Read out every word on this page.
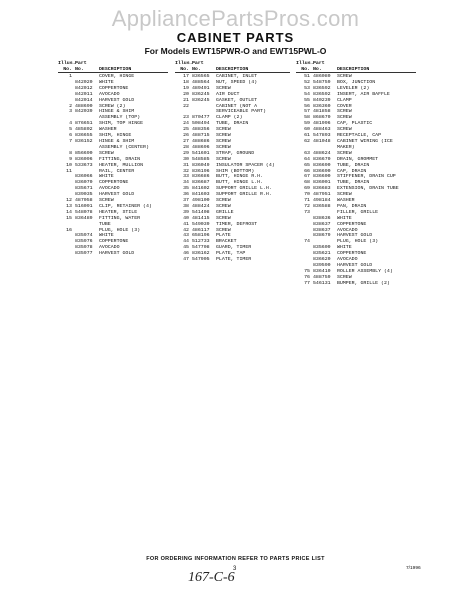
AppliancePartsPros.com
CABINET PARTS
For Models EWT15PWR-O and EWT15PWL-O
Illus.
No.
Part
No.	DESCRIPTION
1	COVER, HINGE
842020	WHITE
842012	COPPERTONE
842011	AVOCADO
842014	HARVEST GOLD
2 488690	SCREW (2)
3 842039	HINGE & SHIM
ASSEMBLY (TOP)
4 876651	SHIM, TOP HINGE
5 485802	WASHER
6 836655	SHIM, HINGE
7 836152	HINGE & SHIM
ASSEMBLY (CENTER)
8 856690	SCREW
9 836096	FITTING, DRAIN
10 533673	HEATER, MULLION
11	RAIL, CENTER
836066	WHITE
836070	COPPERTONE
835671	AVOCADO
839035	HARVEST GOLD
12 487058	SCREW
13 516091	CLIP, RETAINER (4)
14 548078	HEATER, STILE
15 836489	FITTING, WATER
TUBE
16	PLUG, HOLE (3)
835974	WHITE
835976	COPPERTONE
835978	AVOCADO
835977	HARVEST GOLD
Illus.
No.
Part
No.	DESCRIPTION
17 836565	CABINET, INLET
18 488564	NUT, SPEED (4)
19 489491	SCREW
20 836245	AIR DUCT
21 836245	GASKET, OUTLET
22	CABINET (NOT A
SERVICEABLE PART)
23 870477	CLAMP (2)
24 508494	TUBE, DRAIN
25 488356	SCREW
26 488715	SCREW
27 488686	SCREW
28 488696	SCREW
29 541601	STRAP, GROUND
30 548585	SCREW
31 836049	INSULATOR SPACER (4)
32 836196	SHIM (BOTTOM)
33 836686	BUTT, HINGE R.H.
34 836687	BUTT, HINGE L.H.
35 841602	SUPPORT GRILLE L.H.
36 841603	SUPPORT GRILLE R.H.
37 498100	SCREW
38 488424	SCREW
39 541408	GRILLE
40 481415	SCREW
41 549039	TIMER, DEFROST
42 486117	SCREW
43 658196	PLATE
44 512733	BRACKET
45 547708	GUARD, TIMER
46 836162	PLATE, TAP
47 547905	PLATE, TIMER
Illus.
No.
Part
No.	DESCRIPTION
51 486080	SCREW
52 548759	BOX, JUNCTION
53 836592	LEVELER (2)
54 836592	INSERT, AIR BAFFLE
55 840239	CLAMP
56 836360	COVER
57 481858	SCREW
58 868670	SCREW
59 481996	CAP, PLASTIC
60 488463	SCREW
61 547893	RECEPTACLE, CAP
62 481048	CABINET WIRING (ICE
MAKER)
63 488624	SCREW
64 836670	DRAIN, GROMMET
65 836690	TUBE, DRAIN
66 836690	CAP, DRAIN
67 836600	STIFFENER, DRAIN CUP
68 836001	TUBE, DRAIN
69 836683	EXTENSION, DRAIN TUBE
70 487951	SCREW
71 498184	WASHER
72 836588	PAN, DRAIN
73	FILLER, GRILLE
838636	WHITE
838637	COPPERTONE
838637	AVOCADO
838679	HARVEST GOLD
74	PLUG, HOLE (3)
835609	WHITE
835621	COPPERTONE
836620	AVOCADO
839590	HARVEST GOLD
75 836410	ROLLER ASSEMBLY (4)
76 488759	SCREW
77 546131	BUMPER, GRILLE (2)
FOR ORDERING INFORMATION REFER TO PARTS PRICE LIST
3	7/1996
167-C-6
